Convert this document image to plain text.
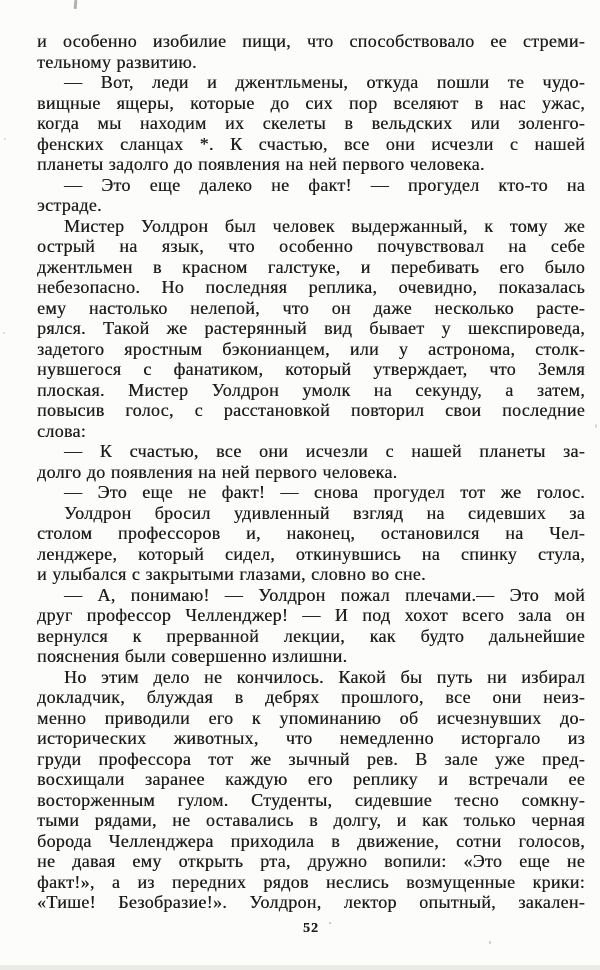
и особенно изобилие пищи, что способствовало ее стреми-
тельному развитию.
— Вот, леди и джентльмены, откуда пошли те чудо-
вищные ящеры, которые до сих пор вселяют в нас ужас,
когда мы находим их скелеты в вельдских или золенго-
фенских сланцах *. К счастью, все они исчезли с нашей
планеты задолго до появления на ней первого человека.
— Это еще далеко не факт! — прогудел кто-то на
эстраде.
Мистер Уолдрон был человек выдержанный, к тому же
острый на язык, что особенно почувствовал на себе
джентльмен в красном галстуке, и перебивать его было
небезопасно. Но последняя реплика, очевидно, показалась
ему настолько нелепой, что он даже несколько расте-
рялся. Такой же растерянный вид бывает у шекспироведа,
задетого яростным бэконианцем, или у астронома, столк-
нувшегося с фанатиком, который утверждает, что Земля
плоская. Мистер Уолдрон умолк на секунду, а затем,
повысив голос, с расстановкой повторил свои последние
слова:
— К счастью, все они исчезли с нашей планеты за-
долго до появления на ней первого человека.
— Это еще не факт! — снова прогудел тот же голос.
Уолдрон бросил удивленный взгляд на сидевших за
столом профессоров и, наконец, остановился на Чел-
ленджере, который сидел, откинувшись на спинку стула,
и улыбался с закрытыми глазами, словно во сне.
— А, понимаю! — Уолдрон пожал плечами.— Это мой
друг профессор Челленджер! — И под хохот всего зала он
вернулся к прерванной лекции, как будто дальнейшие
пояснения были совершенно излишни.
Но этим дело не кончилось. Какой бы путь ни избирал
докладчик, блуждая в дебрях прошлого, все они неиз-
менно приводили его к упоминанию об исчезнувших до-
исторических животных, что немедленно исторгало из
груди профессора тот же зычный рев. В зале уже пред-
восхищали заранее каждую его реплику и встречали ее
восторженным гулом. Студенты, сидевшие тесно сомкну-
тыми рядами, не оставались в долгу, и как только черная
борода Челленджера приходила в движение, сотни голосов,
не давая ему открыть рта, дружно вопили: «Это еще не
факт!», а из передних рядов неслись возмущенные крики:
«Тише! Безобразие!». Уолдрон, лектор опытный, закален-
52
